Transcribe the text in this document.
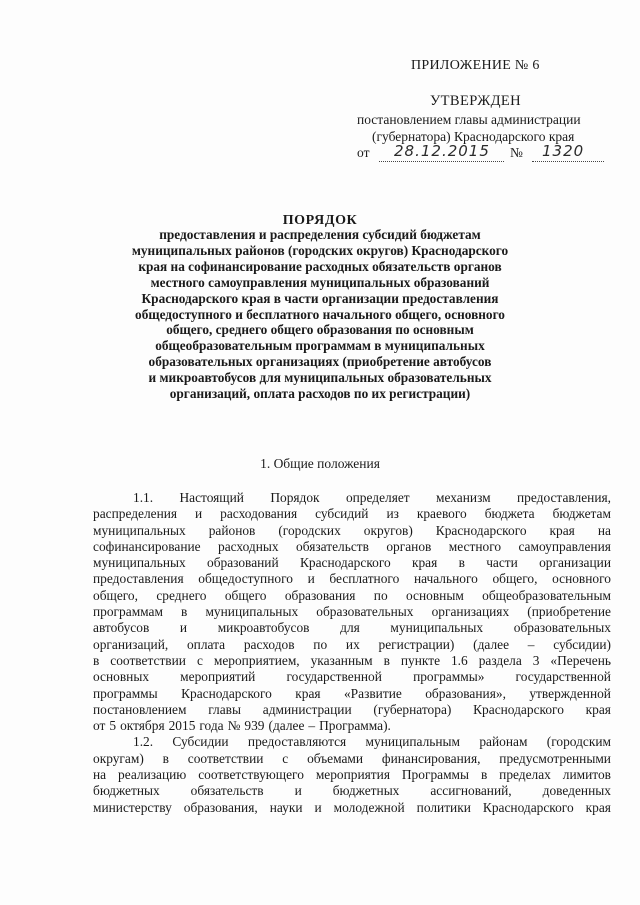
ПРИЛОЖЕНИЕ № 6
УТВЕРЖДЕН
постановлением главы администрации
(губернатора) Краснодарского края
от 28.12.2015 № 1320
ПОРЯДОК
предоставления и распределения субсидий бюджетам
муниципальных районов (городских округов) Краснодарского
края на софинансирование расходных обязательств органов
местного самоуправления муниципальных образований
Краснодарского края в части организации предоставления
общедоступного и бесплатного начального общего, основного
общего, среднего общего образования по основным
общеобразовательным программам в муниципальных
образовательных организациях (приобретение автобусов
и микроавтобусов для муниципальных образовательных
организаций, оплата расходов по их регистрации)
1. Общие положения
1.1. Настоящий Порядок определяет механизм предоставления,
распределения и расходования субсидий из краевого бюджета бюджетам
муниципальных районов (городских округов) Краснодарского края на
софинансирование расходных обязательств органов местного самоуправления
муниципальных образований Краснодарского края в части организации
предоставления общедоступного и бесплатного начального общего, основного
общего, среднего общего образования по основным общеобразовательным
программам в муниципальных образовательных организациях (приобретение
автобусов и микроавтобусов для муниципальных образовательных
организаций, оплата расходов по их регистрации) (далее – субсидии)
в соответствии с мероприятием, указанным в пункте 1.6 раздела 3 «Перечень
основных мероприятий государственной программы» государственной
программы Краснодарского края «Развитие образования», утвержденной
постановлением главы администрации (губернатора) Краснодарского края
от 5 октября 2015 года № 939 (далее – Программа).
1.2. Субсидии предоставляются муниципальным районам (городским
округам) в соответствии с объемами финансирования, предусмотренными
на реализацию соответствующего мероприятия Программы в пределах лимитов
бюджетных обязательств и бюджетных ассигнований, доведенных
министерству образования, науки и молодежной политики Краснодарского края
